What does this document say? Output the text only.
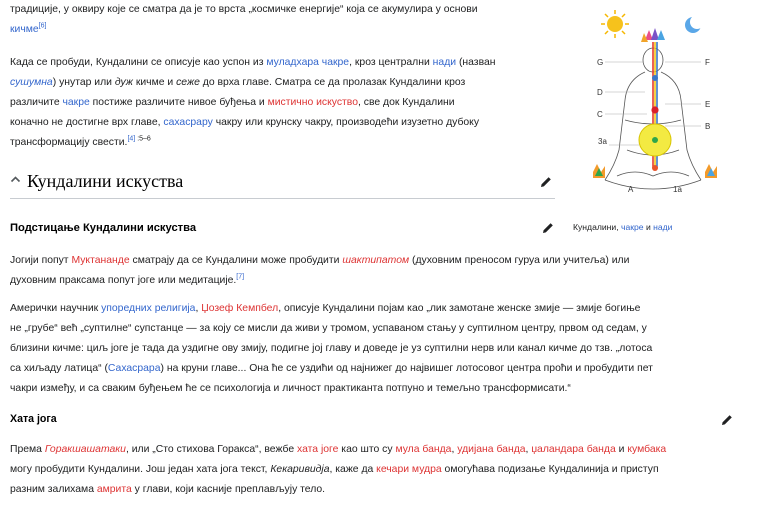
традиције, у оквиру које се сматра да је то врста „космичке енергије“ која се акумулира у основи
кичме[6]

Када се пробуди, Кундалини се описује као успон из муладхара чакре, кроз централни нади (назван
сушумна) унутар или дуж кичме и сеже до врха главе. Сматра се да пролазак Кундалини кроз
различите чакре постиже различите нивое буђења и мистично искуство, све док Кундалини
коначно не достигне врх главе, сахасрару чакру или крунску чакру, производећи изузетно дубоку
трансформацију свести.[4] $^{:5-6}$

Кундалини искуства
G	F
D
C
E
B
3a
A	1a
Кундалини, чакре и нади
Подстицање Кундалини искуства

Јогији попут Муктананде сматрају да се Кундалини може пробудити шактипатом (духовним преносом гуруа или учитеља) или
духовним праксама попут јоге или медитације.[7]

Амерички научник упоредних религија, Џозеф Кемпбел, описује Кундалини појам као „лик замотане женске змије — змије богиње
не „грубе“ већ „суптилне“ супстанце — за коју се мисли да живи у тромом, успаваном стању у суптилном центру, првом од седам, у
близини кичме: циљ јоге је тада да уздигне ову змију, подигне јој главу и доведе је уз суптилни нерв или канал кичме до тзв. „лотоса
са хиљаду латица“ (Сахасрара) на круни главе... Она ће се уздићи од најнижег до највишег лотосовог центра проћи и пробудити пет
чакри између, и са сваким буђењем ће се психологија и личност практиканта потпуно и темељно трансформисати.“

Хата јога

Према Горакшашатаки, или „Сто стихова Горакса“, вежбе хата јоге као што су мула банда, удијана банда, џаландара банда и кумбака
могу пробудити Кундалини. Још један хата јога текст, Кекаривидја, каже да кечари мудра омогућава подизање Кундалинија и приступ
разним залихама амрита у глави, који касније преплављују тело.
